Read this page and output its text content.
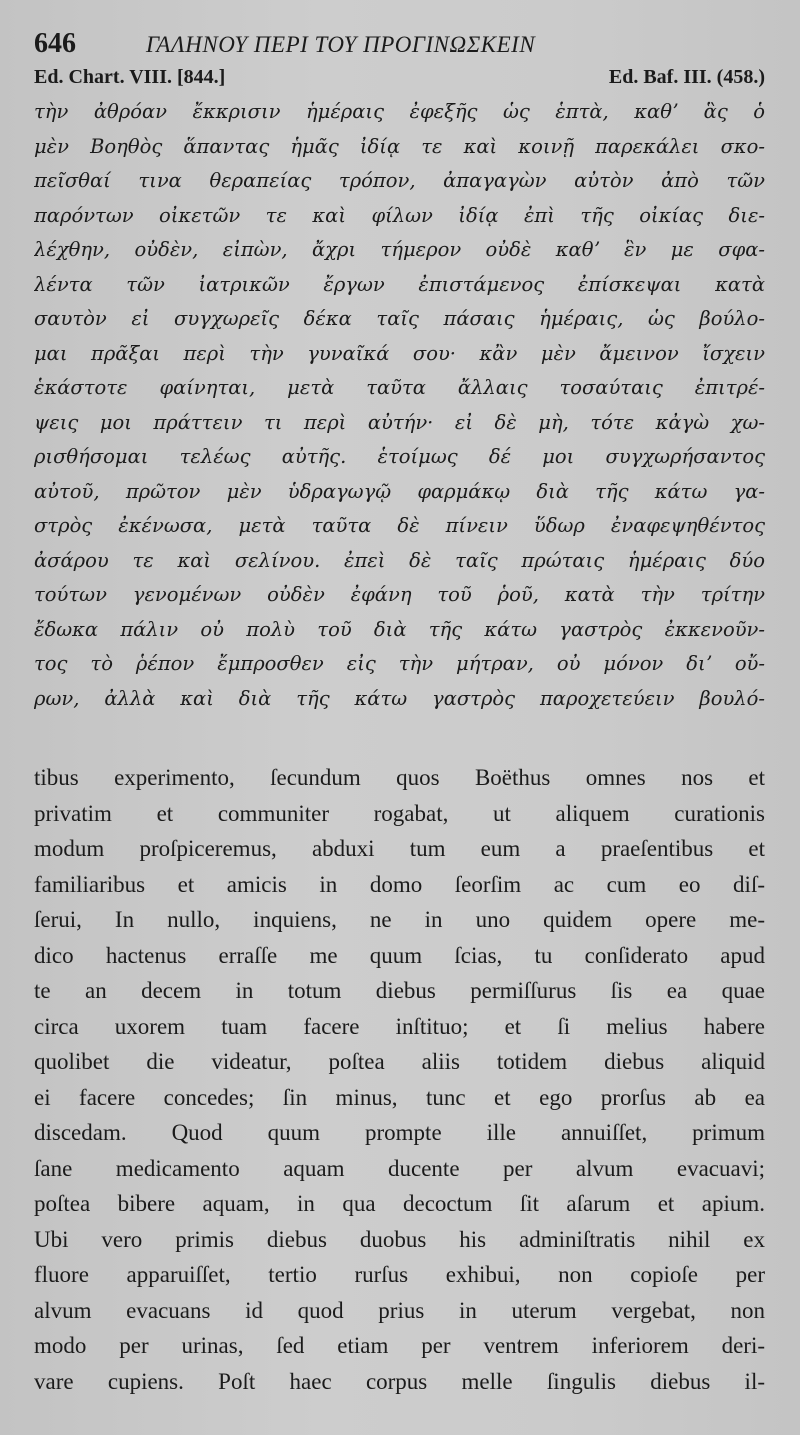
646	ΓΑΛΗΝΟΥ ΠΕΡΙ ΤΟΥ ΠΡΟΓΙΝΩΣΚΕΙΝ
Ed. Chart. VIII. [844.]	Ed. Baf. III. (458.)
τὴν ἀθρόαν ἔκκρισιν ἡμέραις ἐφεξῆς ὡς ἑπτὰ, καθʼ ἃς ὁ
μὲν Βοηθὸς ἅπαντας ἡμᾶς ἰδίᾳ τε καὶ κοινῇ παρεκάλει σκο-
πεῖσθαί τινα θεραπείας τρόπον, ἀπαγαγὼν αὐτὸν ἀπὸ τῶν
παρόντων οἰκετῶν τε καὶ φίλων ἰδίᾳ ἐπὶ τῆς οἰκίας διε-
λέχθην, οὐδὲν, εἰπὼν, ἄχρι τήμερον οὐδὲ καθʼ ἓν με σφα-
λέντα τῶν ἰατρικῶν ἔργων ἐπιστάμενος ἐπίσκεψαι κατὰ
σαυτὸν εἰ συγχωρεῖς δέκα ταῖς πάσαις ἡμέραις, ὡς βούλο-
μαι πρᾶξαι περὶ τὴν γυναῖκά σου· κἂν μὲν ἄμεινον ἴσχειν
ἑκάστοτε φαίνηται, μετὰ ταῦτα ἄλλαις τοσαύταις ἐπιτρέ-
ψεις μοι πράττειν τι περὶ αὐτήν· εἰ δὲ μὴ, τότε κἀγὼ χω-
ρισθήσομαι τελέως αὐτῆς. ἑτοίμως δέ μοι συγχωρήσαντος
αὐτοῦ, πρῶτον μὲν ὑδραγωγῷ φαρμάκῳ διὰ τῆς κάτω γα-
στρὸς ἐκένωσα, μετὰ ταῦτα δὲ πίνειν ὕδωρ ἐναφεψηθέντος
ἀσάρου τε καὶ σελίνου. ἐπεὶ δὲ ταῖς πρώταις ἡμέραις δύο
τούτων γενομένων οὐδὲν ἐφάνη τοῦ ῥοῦ, κατὰ τὴν τρίτην
ἔδωκα πάλιν οὐ πολὺ τοῦ διὰ τῆς κάτω γαστρὸς ἐκκενοῦν-
τος τὸ ῥέπον ἔμπροσθεν εἰς τὴν μήτραν, οὐ μόνον διʼ οὔ-
ρων, ἀλλὰ καὶ διὰ τῆς κάτω γαστρὸς παροχετεύειν βουλό-
tibus experimento, ſecundum quos Boëthus omnes nos et
privatim et communiter rogabat, ut aliquem curationis
modum proſpiceremus, abduxi tum eum a praeſentibus et
familiaribus et amicis in domo ſeorſim ac cum eo diſ-
ſerui, In nullo, inquiens, ne in uno quidem opere me-
dico hactenus erraſſe me quum ſcias, tu conſiderato apud
te an decem in totum diebus permiſſurus ſis ea quae
circa uxorem tuam facere inſtituo; et ſi melius habere
quolibet die videatur, poſtea aliis totidem diebus aliquid
ei facere concedes; ſin minus, tunc et ego prorſus ab ea
discedam. Quod quum prompte ille annuiſſet, primum
ſane medicamento aquam ducente per alvum evacuavi;
poſtea bibere aquam, in qua decoctum ſit aſarum et apium.
Ubi vero primis diebus duobus his adminiſtratis nihil ex
fluore apparuiſſet, tertio rurſus exhibui, non copioſe per
alvum evacuans id quod prius in uterum vergebat, non
modo per urinas, ſed etiam per ventrem inferiorem deri-
vare cupiens. Poſt haec corpus melle ſingulis diebus il-
